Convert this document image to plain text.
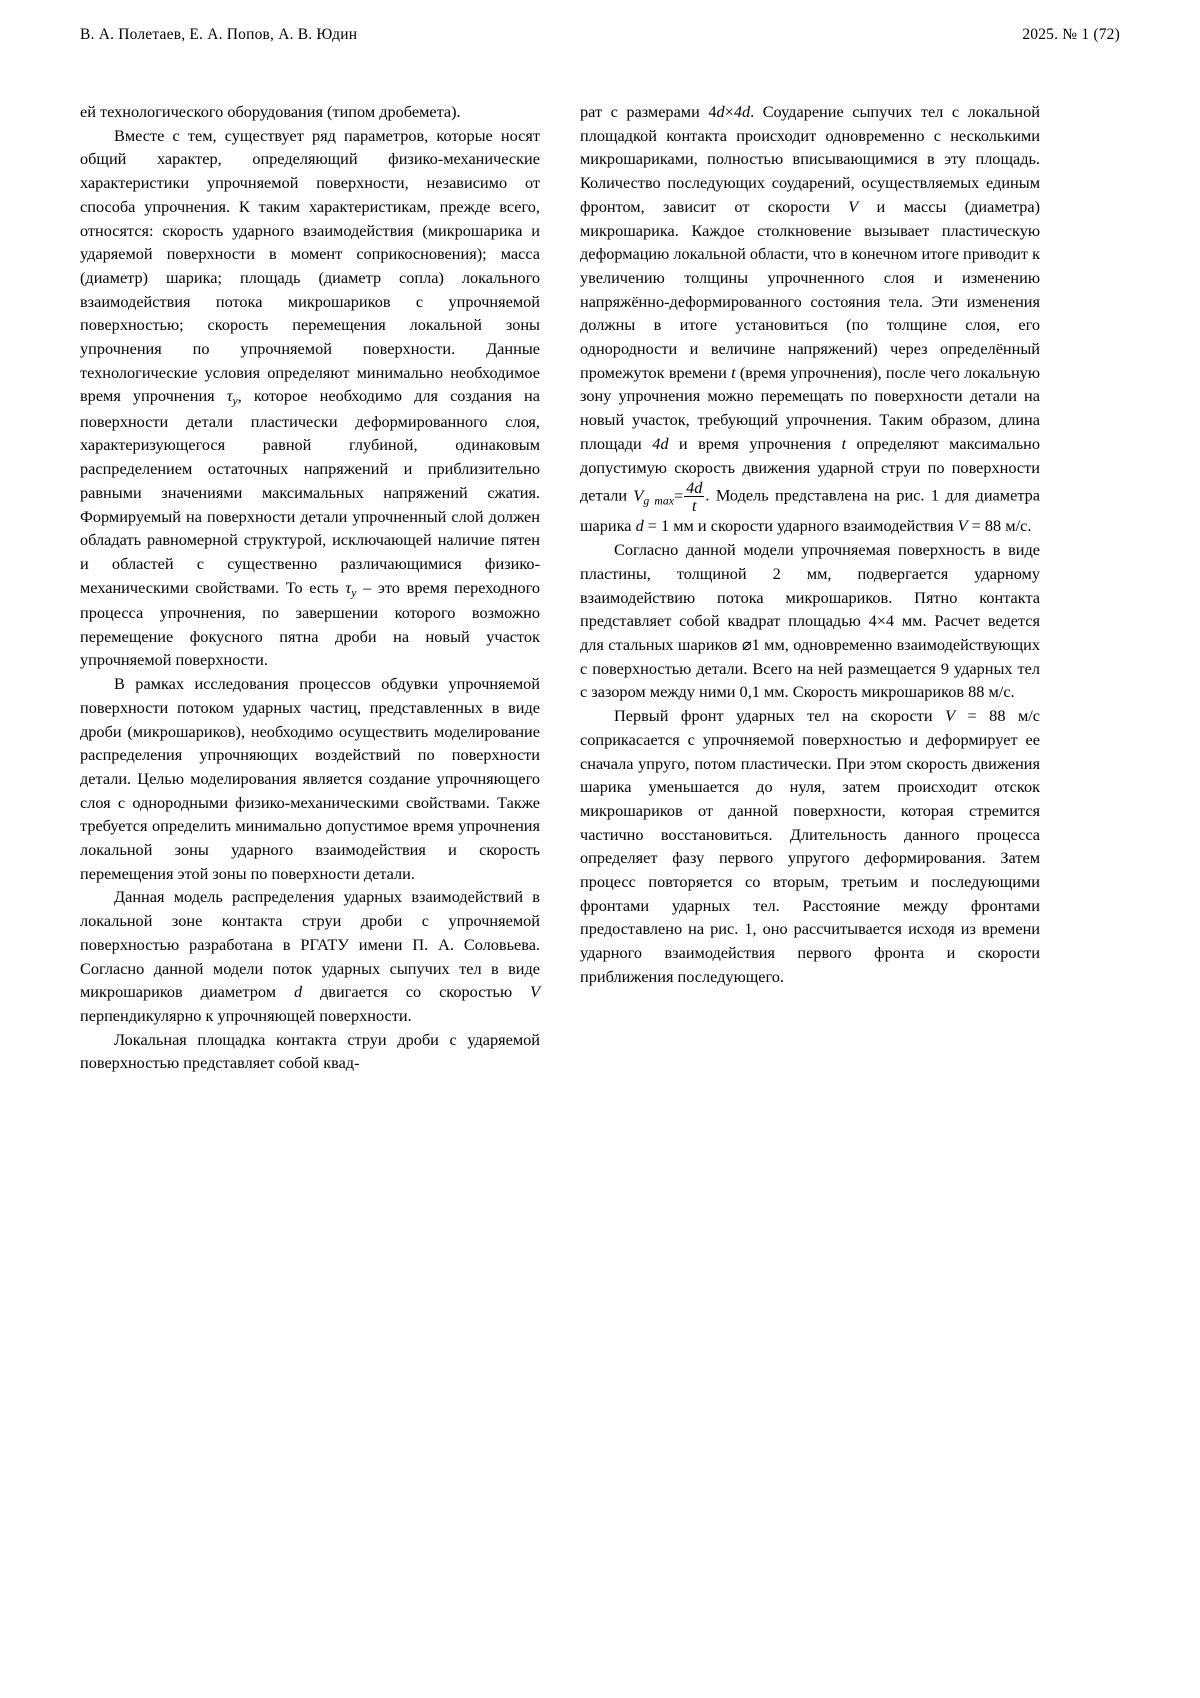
В. А. Полетаев, Е. А. Попов, А. В. Юдин	2025. № 1 (72)

ей технологического оборудования (типом дробемета).

Вместе с тем, существует ряд параметров, которые носят общий характер, определяющий физико-механические характеристики упрочняемой поверхности, независимо от способа упрочнения. К таким характеристикам, прежде всего, относятся: скорость ударного взаимодействия (микрошарика и ударяемой поверхности в момент соприкосновения); масса (диаметр) шарика; площадь (диаметр сопла) локального взаимодействия потока микрошариков с упрочняемой поверхностью; скорость перемещения локальной зоны упрочнения по упрочняемой поверхности. Данные технологические условия определяют минимально необходимое время упрочнения $\tau_у$, которое необходимо для создания на поверхности детали пластически деформированного слоя, характеризующегося равной глубиной, одинаковым распределением остаточных напряжений и приблизительно равными значениями максимальных напряжений сжатия. Формируемый на поверхности детали упрочненный слой должен обладать равномерной структурой, исключающей наличие пятен и областей с существенно различающимися физико-механическими свойствами. То есть $\tau_у$ – это время переходного процесса упрочнения, по завершении которого возможно перемещение фокусного пятна дроби на новый участок упрочняемой поверхности.

В рамках исследования процессов обдувки упрочняемой поверхности потоком ударных частиц, представленных в виде дроби (микрошариков), необходимо осуществить моделирование распределения упрочняющих воздействий по поверхности детали. Целью моделирования является создание упрочняющего слоя с однородными физико-механическими свойствами. Также требуется определить минимально допустимое время упрочнения локальной зоны ударного взаимодействия и скорость перемещения этой зоны по поверхности детали.

Данная модель распределения ударных взаимодействий в локальной зоне контакта струи дроби с упрочняемой поверхностью разработана в РГАТУ имени П. А. Соловьева. Согласно данной модели поток ударных сыпучих тел в виде микрошариков диаметром d двигается со скоростью V перпендикулярно к упрочняющей поверхности.

Локальная площадка контакта струи дроби с ударяемой поверхностью представляет собой квад-

рат с размерами 4d×4d. Соударение сыпучих тел с локальной площадкой контакта происходит одновременно с несколькими микрошариками, полностью вписывающимися в эту площадь. Количество последующих соударений, осуществляемых единым фронтом, зависит от скорости V и массы (диаметра) микрошарика. Каждое столкновение вызывает пластическую деформацию локальной области, что в конечном итоге приводит к увеличению толщины упрочненного слоя и изменению напряжённо-деформированного состояния тела. Эти изменения должны в итоге установиться (по толщине слоя, его однородности и величине напряжений) через определённый промежуток времени t (время упрочнения), после чего локальную зону упрочнения можно перемещать по поверхности детали на новый участок, требующий упрочнения. Таким образом, длина площади 4d и время упрочнения t определяют максимально допустимую скорость движения ударной струи по поверхности детали $V_{g max}= \frac{4d}{t}$ . Модель представлена на рис. 1 для диаметра шарика d = 1 мм и скорости ударного взаимодействия V = 88 м/с.

Согласно данной модели упрочняемая поверхность в виде пластины, толщиной 2 мм, подвергается ударному взаимодействию потока микрошариков. Пятно контакта представляет собой квадрат площадью 4×4 мм. Расчет ведется для стальных шариков ⌀1 мм, одновременно взаимодействующих с поверхностью детали. Всего на ней размещается 9 ударных тел с зазором между ними 0,1 мм. Скорость микрошариков 88 м/с.

Первый фронт ударных тел на скорости V = 88 м/с соприкасается с упрочняемой поверхностью и деформирует ее сначала упруго, потом пластически. При этом скорость движения шарика уменьшается до нуля, затем происходит отскок микрошариков от данной поверхности, которая стремится частично восстановиться. Длительность данного процесса определяет фазу первого упругого деформирования. Затем процесс повторяется со вторым, третьим и последующими фронтами ударных тел. Расстояние между фронтами предоставлено на рис. 1, оно рассчитывается исходя из времени ударного взаимодействия первого фронта и скорости приближения последующего.
